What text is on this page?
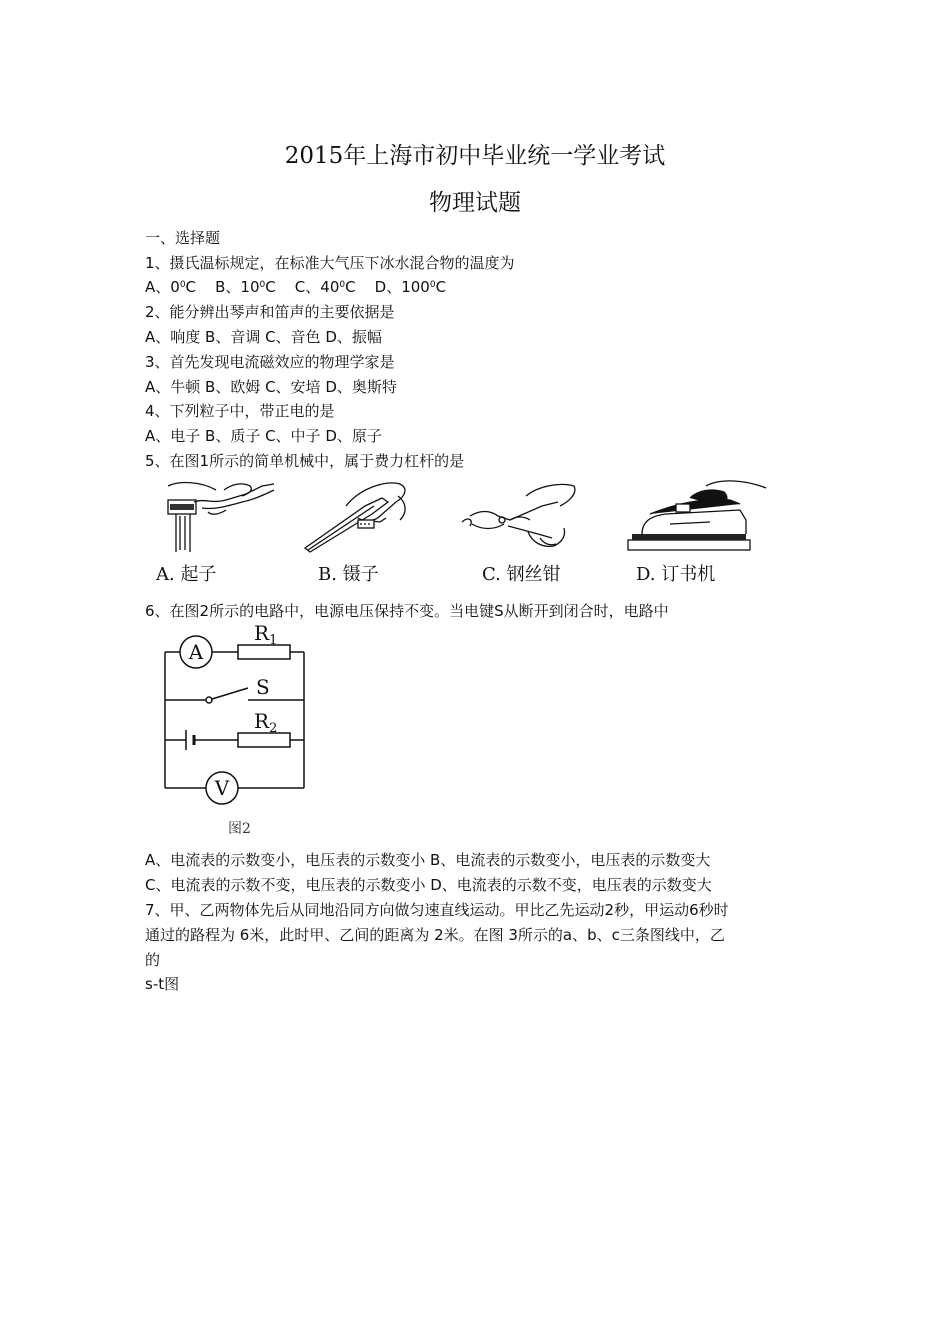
2015年上海市初中毕业统一学业考试
物理试题
一、选择题
1、摄氏温标规定，在标准大气压下冰水混合物的温度为
A、$0^0C$ B、$10^0C$ C、$40^0C$ D、$100^0C$
2、能分辨出琴声和笛声的主要依据是
A、响度 B、音调 C、音色 D、振幅
3、首先发现电流磁效应的物理学家是
A、牛顿 B、欧姆 C、安培 D、奥斯特
4、下列粒子中，带正电的是
A、电子 B、质子 C、中子 D、原子
5、在图1所示的简单机械中，属于费力杠杆的是
A. 起子	B. 镊子	C. 钢丝钳	D. 订书机
6、在图2所示的电路中，电源电压保持不变。当电键S从断开到闭合时，电路中
A
$R_1$
S
$R_2$
V
图2
A、电流表的示数变小，电压表的示数变小 B、电流表的示数变小，电压表的示数变大
C、电流表的示数不变，电压表的示数变小 D、电流表的示数不变，电压表的示数变大
7、甲、乙两物体先后从同地沿同方向做匀速直线运动。甲比乙先运动2秒，甲运动6秒时
通过的路程为 6米，此时甲、乙间的距离为 2米。在图 3所示的a、b、c三条图线中，乙
的
s-t图
